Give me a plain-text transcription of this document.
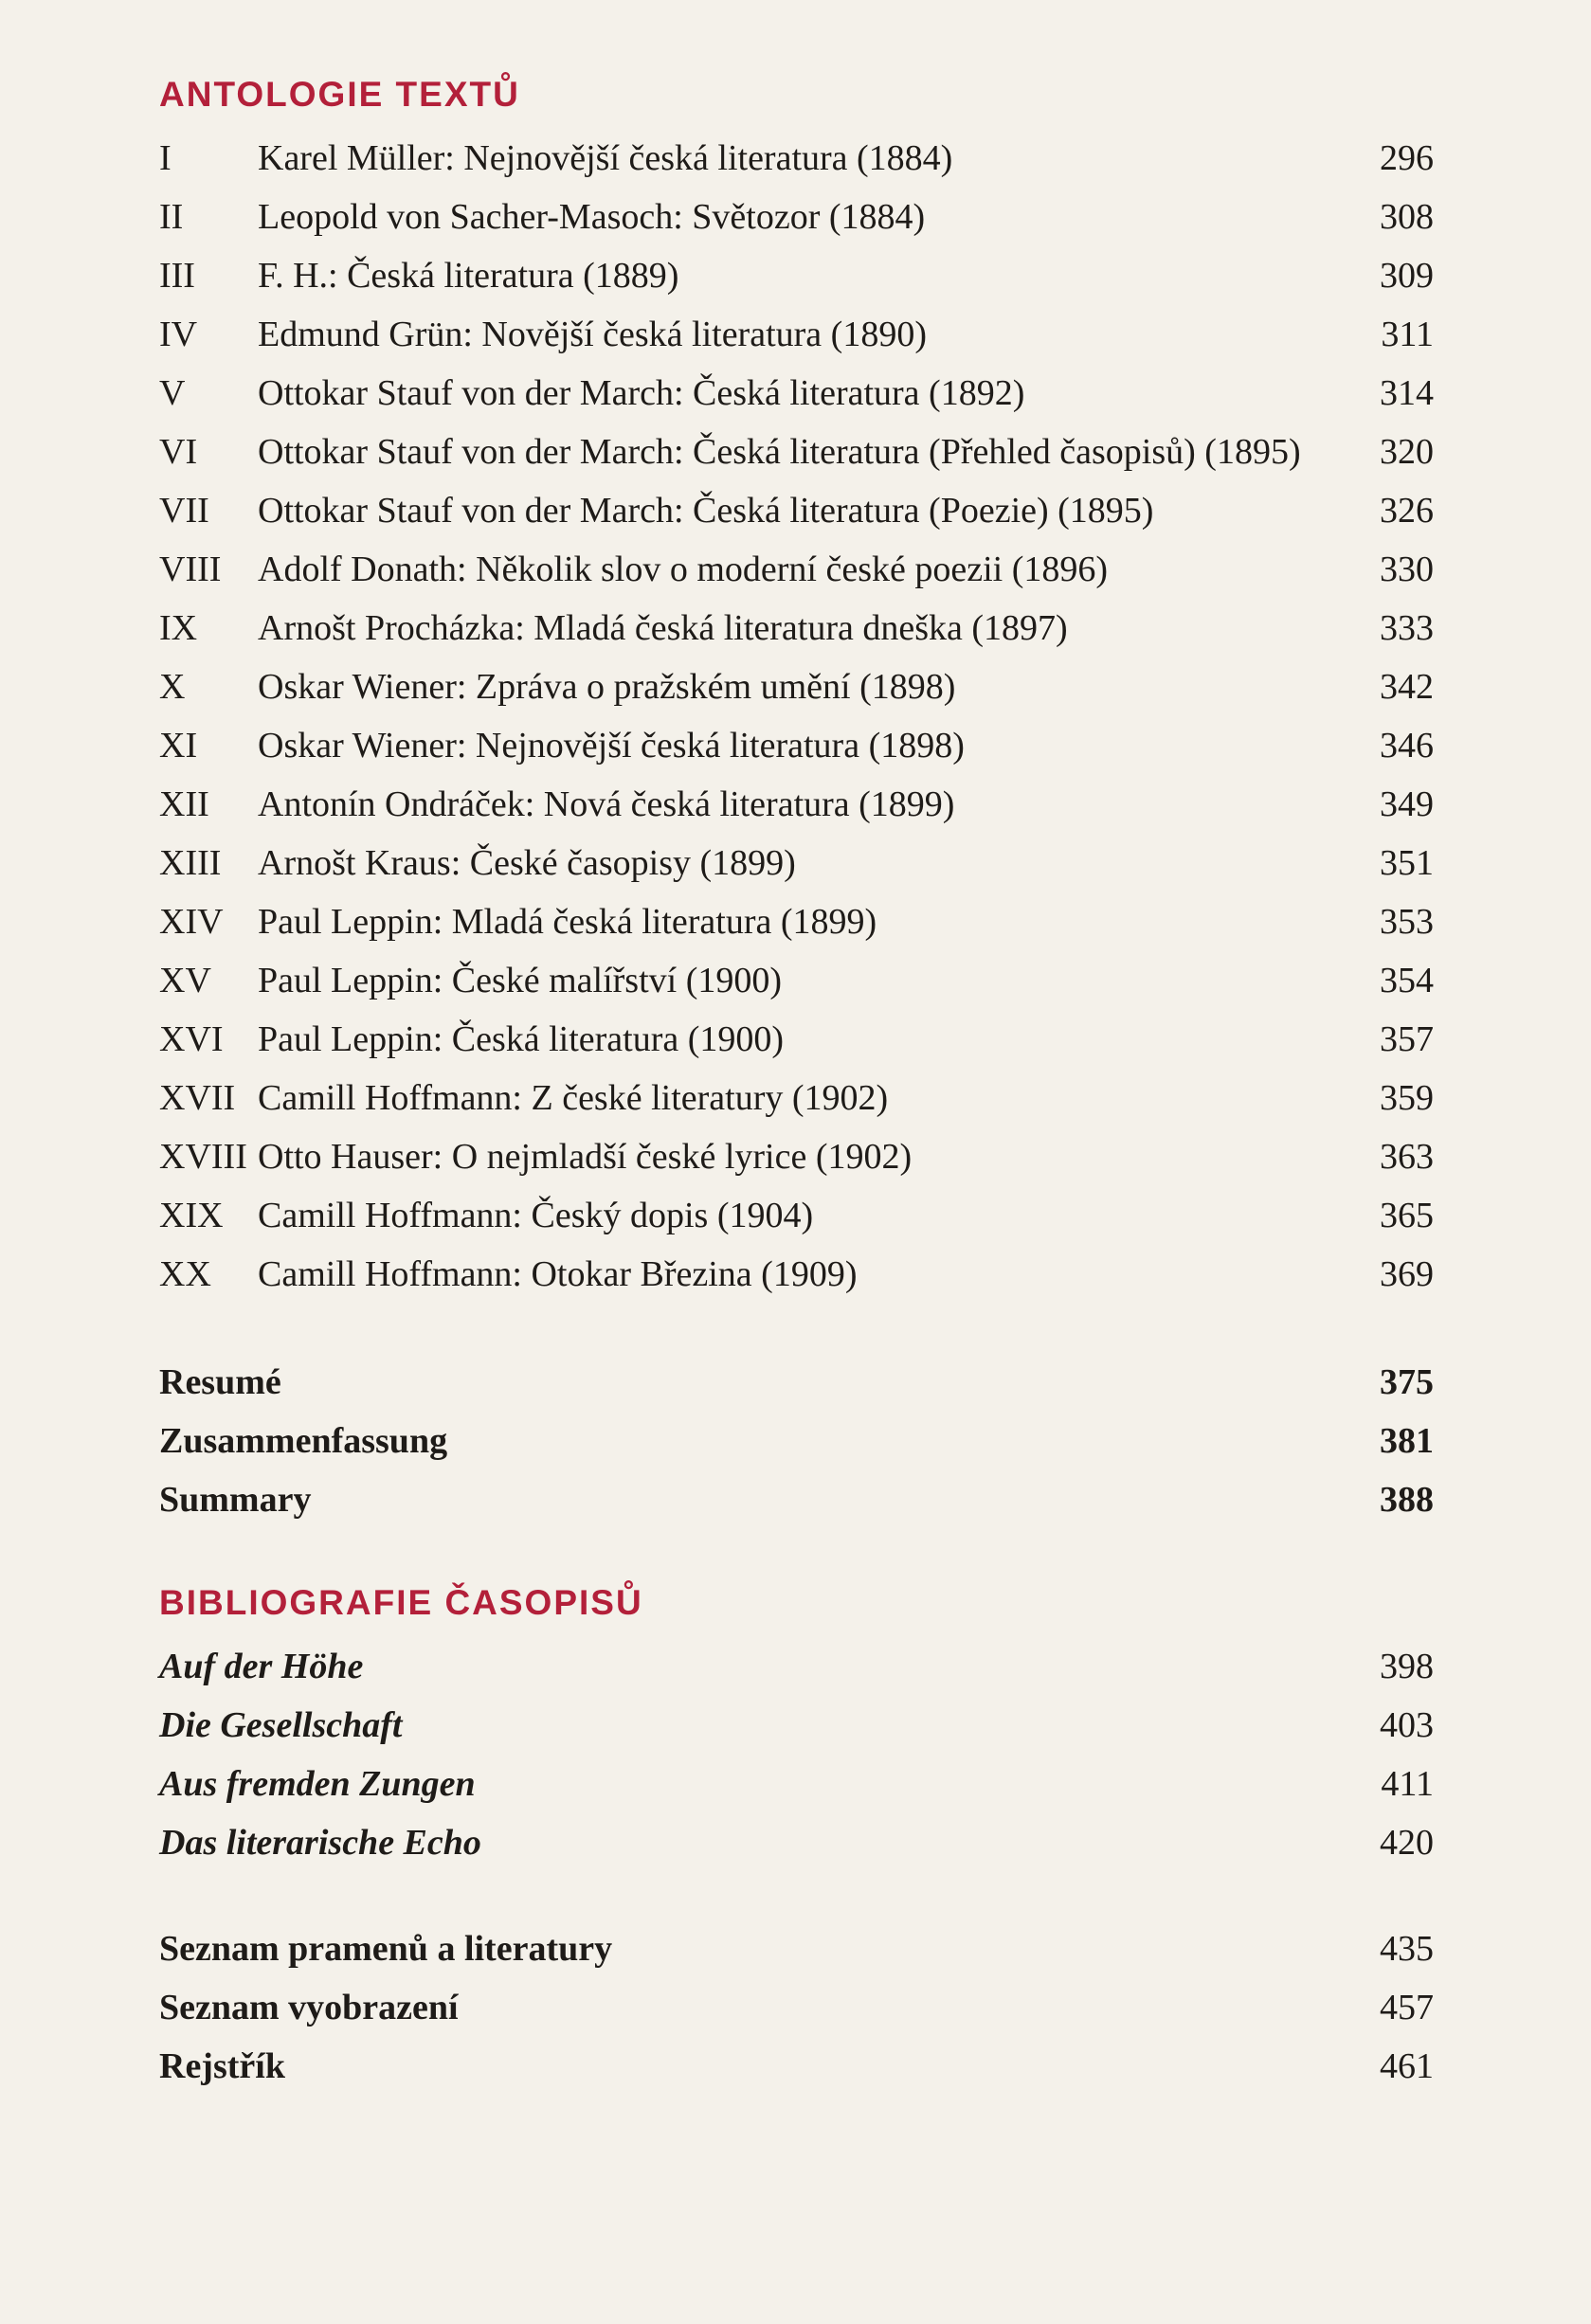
ANTOLOGIE TEXTŮ
I	Karel Müller: Nejnovější česká literatura (1884)	296
II	Leopold von Sacher-Masoch: Světozor (1884)	308
III	F. H.: Česká literatura (1889)	309
IV	Edmund Grün: Novější česká literatura (1890)	311
V	Ottokar Stauf von der March: Česká literatura (1892)	314
VI	Ottokar Stauf von der March: Česká literatura (Přehled časopisů) (1895) 320
VII	Ottokar Stauf von der March: Česká literatura (Poezie) (1895)	326
VIII	Adolf Donath: Několik slov o moderní české poezii (1896)	330
IX	Arnošt Procházka: Mladá česká literatura dneška (1897)	333
X	Oskar Wiener: Zpráva o pražském umění (1898)	342
XI	Oskar Wiener: Nejnovější česká literatura (1898)	346
XII	Antonín Ondráček: Nová česká literatura (1899)	349
XIII	Arnošt Kraus: České časopisy (1899)	351
XIV Paul Leppin: Mladá česká literatura (1899)	353
XV	Paul Leppin: České malířství (1900)	354
XVI Paul Leppin: Česká literatura (1900)	357
XVII Camill Hoffmann: Z české literatury (1902)	359
XVIII Otto Hauser: O nejmladší české lyrice (1902)	363
XIX Camill Hoffmann: Český dopis (1904)	365
XX	Camill Hoffmann: Otokar Březina (1909)	369
Resumé	375
Zusammenfassung	381
Summary	388
BIBLIOGRAFIE ČASOPISŮ
Auf der Höhe	398
Die Gesellschaft	403
Aus fremden Zungen	411
Das literarische Echo	420
Seznam pramenů a literatury	435
Seznam vyobrazení	457
Rejstřík	461
